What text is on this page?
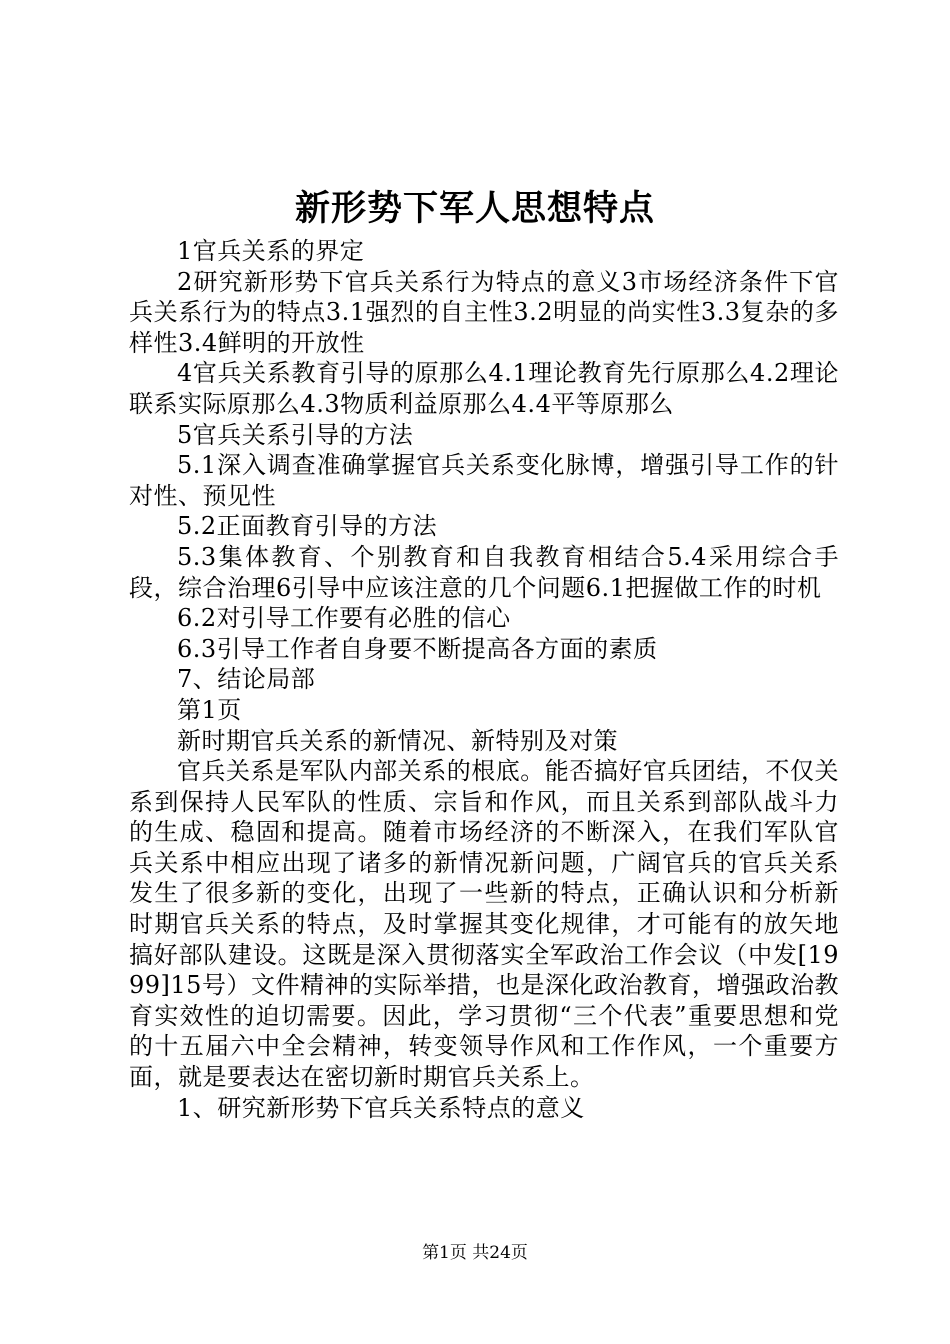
新形势下军人思想特点

1官兵关系的界定

2研究新形势下官兵关系行为特点的意义3市场经济条件下官兵关系行为的特点3.1强烈的自主性3.2明显的尚实性3.3复杂的多样性3.4鲜明的开放性

4官兵关系教育引导的原那么4.1理论教育先行原那么4.2理论联系实际原那么4.3物质利益原那么4.4平等原那么

5官兵关系引导的方法

5.1深入调查准确掌握官兵关系变化脉博，增强引导工作的针对性、预见性

5.2正面教育引导的方法

5.3集体教育、个别教育和自我教育相结合5.4采用综合手段，综合治理6引导中应该注意的几个问题6.1把握做工作的时机

6.2对引导工作要有必胜的信心

6.3引导工作者自身要不断提高各方面的素质

7、结论局部

第1页

新时期官兵关系的新情况、新特别及对策

官兵关系是军队内部关系的根底。能否搞好官兵团结，不仅关系到保持人民军队的性质、宗旨和作风，而且关系到部队战斗力的生成、稳固和提高。随着市场经济的不断深入，在我们军队官兵关系中相应出现了诸多的新情况新问题，广阔官兵的官兵关系发生了很多新的变化，出现了一些新的特点，正确认识和分析新时期官兵关系的特点，及时掌握其变化规律，才可能有的放矢地搞好部队建设。这既是深入贯彻落实全军政治工作会议（中发[1999]15号）文件精神的实际举措，也是深化政治教育，增强政治教育实效性的迫切需要。因此，学习贯彻“三个代表”重要思想和党的十五届六中全会精神，转变领导作风和工作作风，一个重要方面，就是要表达在密切新时期官兵关系上。

1、研究新形势下官兵关系特点的意义

第1页 共24页
